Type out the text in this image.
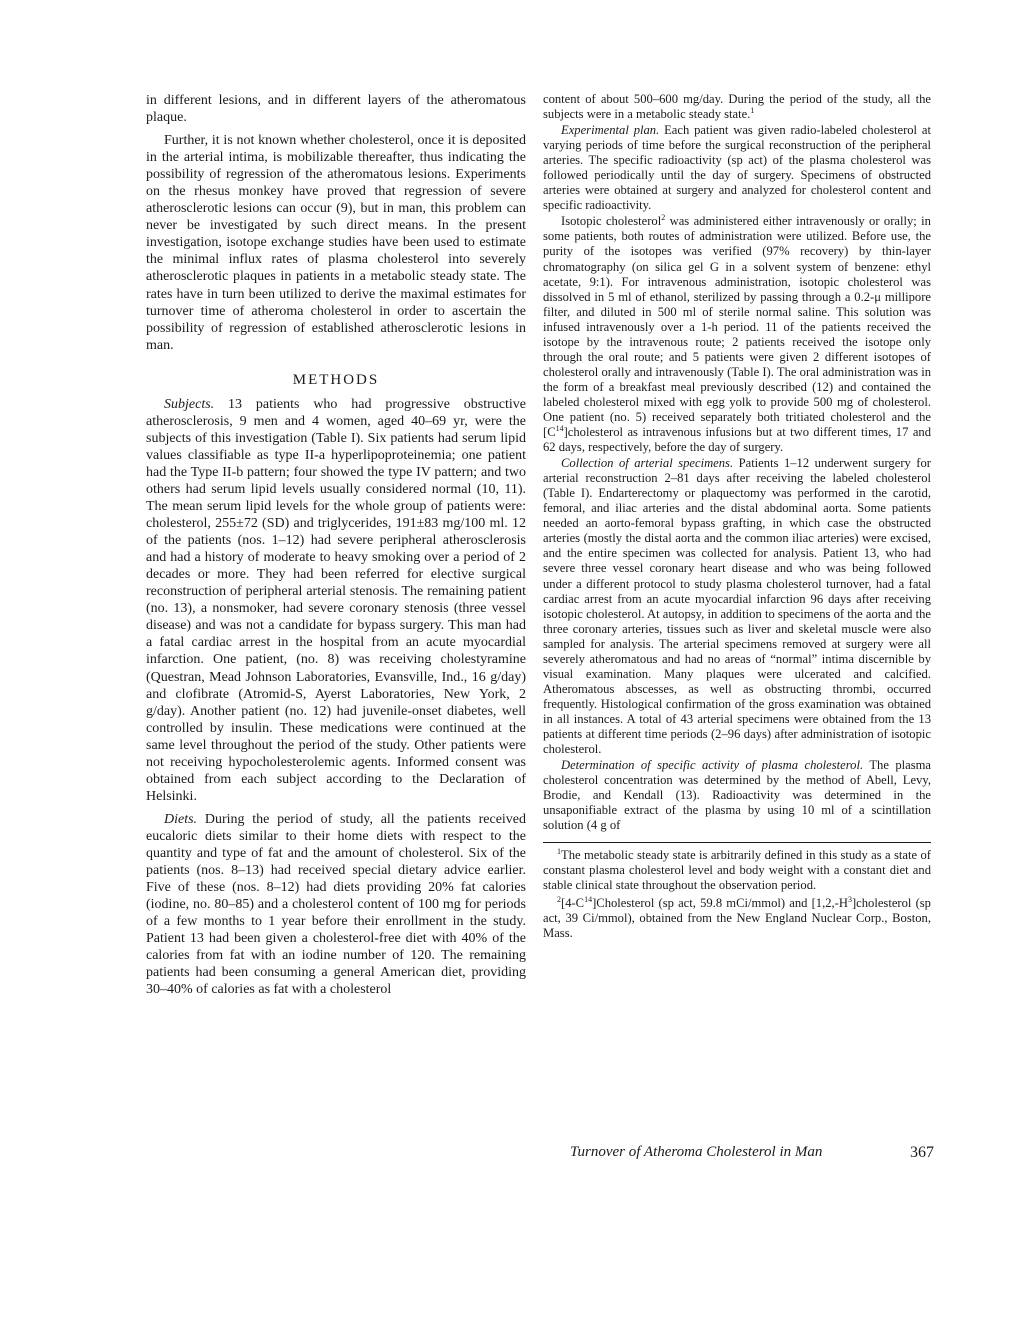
in different lesions, and in different layers of the atheromatous plaque.

Further, it is not known whether cholesterol, once it is deposited in the arterial intima, is mobilizable thereafter, thus indicating the possibility of regression of the atheromatous lesions. Experiments on the rhesus monkey have proved that regression of severe atherosclerotic lesions can occur (9), but in man, this problem can never be investigated by such direct means. In the present investigation, isotope exchange studies have been used to estimate the minimal influx rates of plasma cholesterol into severely atherosclerotic plaques in patients in a metabolic steady state. The rates have in turn been utilized to derive the maximal estimates for turnover time of atheroma cholesterol in order to ascertain the possibility of regression of established atherosclerotic lesions in man.

METHODS

Subjects. 13 patients who had progressive obstructive atherosclerosis, 9 men and 4 women, aged 40–69 yr, were the subjects of this investigation (Table I). Six patients had serum lipid values classifiable as type II-a hyperlipoproteinemia; one patient had the Type II-b pattern; four showed the type IV pattern; and two others had serum lipid levels usually considered normal (10, 11). The mean serum lipid levels for the whole group of patients were: cholesterol, 255±72 (SD) and triglycerides, 191±83 mg/100 ml. 12 of the patients (nos. 1–12) had severe peripheral atherosclerosis and had a history of moderate to heavy smoking over a period of 2 decades or more. They had been referred for elective surgical reconstruction of peripheral arterial stenosis. The remaining patient (no. 13), a nonsmoker, had severe coronary stenosis (three vessel disease) and was not a candidate for bypass surgery. This man had a fatal cardiac arrest in the hospital from an acute myocardial infarction. One patient, (no. 8) was receiving cholestyramine (Questran, Mead Johnson Laboratories, Evansville, Ind., 16 g/day) and clofibrate (Atromid-S, Ayerst Laboratories, New York, 2 g/day). Another patient (no. 12) had juvenile-onset diabetes, well controlled by insulin. These medications were continued at the same level throughout the period of the study. Other patients were not receiving hypocholesterolemic agents. Informed consent was obtained from each subject according to the Declaration of Helsinki.

Diets. During the period of study, all the patients received eucaloric diets similar to their home diets with respect to the quantity and type of fat and the amount of cholesterol. Six of the patients (nos. 8–13) had received special dietary advice earlier. Five of these (nos. 8–12) had diets providing 20% fat calories (iodine, no. 80–85) and a cholesterol content of 100 mg for periods of a few months to 1 year before their enrollment in the study. Patient 13 had been given a cholesterol-free diet with 40% of the calories from fat with an iodine number of 120. The remaining patients had been consuming a general American diet, providing 30–40% of calories as fat with a cholesterol

content of about 500–600 mg/day. During the period of the study, all the subjects were in a metabolic steady state.$^1$

Experimental plan. Each patient was given radio-labeled cholesterol at varying periods of time before the surgical reconstruction of the peripheral arteries. The specific radioactivity (sp act) of the plasma cholesterol was followed periodically until the day of surgery. Specimens of obstructed arteries were obtained at surgery and analyzed for cholesterol content and specific radioactivity.

Isotopic cholesterol$^2$ was administered either intravenously or orally; in some patients, both routes of administration were utilized. Before use, the purity of the isotopes was verified (97% recovery) by thin-layer chromatography (on silica gel G in a solvent system of benzene: ethyl acetate, 9:1). For intravenous administration, isotopic cholesterol was dissolved in 5 ml of ethanol, sterilized by passing through a 0.2-μ millipore filter, and diluted in 500 ml of sterile normal saline. This solution was infused intravenously over a 1-h period. 11 of the patients received the isotope by the intravenous route; 2 patients received the isotope only through the oral route; and 5 patients were given 2 different isotopes of cholesterol orally and intravenously (Table I). The oral administration was in the form of a breakfast meal previously described (12) and contained the labeled cholesterol mixed with egg yolk to provide 500 mg of cholesterol. One patient (no. 5) received separately both tritiated cholesterol and the $[C^{14}]cholesterol$ as intravenous infusions but at two different times, 17 and 62 days, respectively, before the day of surgery.

Collection of arterial specimens. Patients 1–12 underwent surgery for arterial reconstruction 2–81 days after receiving the labeled cholesterol (Table I). Endarterectomy or plaquectomy was performed in the carotid, femoral, and iliac arteries and the distal abdominal aorta. Some patients needed an aorto-femoral bypass grafting, in which case the obstructed arteries (mostly the distal aorta and the common iliac arteries) were excised, and the entire specimen was collected for analysis. Patient 13, who had severe three vessel coronary heart disease and who was being followed under a different protocol to study plasma cholesterol turnover, had a fatal cardiac arrest from an acute myocardial infarction 96 days after receiving isotopic cholesterol. At autopsy, in addition to specimens of the aorta and the three coronary arteries, tissues such as liver and skeletal muscle were also sampled for analysis. The arterial specimens removed at surgery were all severely atheromatous and had no areas of “normal” intima discernible by visual examination. Many plaques were ulcerated and calcified. Atheromatous abscesses, as well as obstructing thrombi, occurred frequently. Histological confirmation of the gross examination was obtained in all instances. A total of 43 arterial specimens were obtained from the 13 patients at different time periods (2–96 days) after administration of isotopic cholesterol.

Determination of specific activity of plasma cholesterol. The plasma cholesterol concentration was determined by the method of Abell, Levy, Brodie, and Kendall (13). Radioactivity was determined in the unsaponifiable extract of the plasma by using 10 ml of a scintillation solution (4 g of

$^1$The metabolic steady state is arbitrarily defined in this study as a state of constant plasma cholesterol level and body weight with a constant diet and stable clinical state throughout the observation period.

$^2[4-C^{14}]Cholesterol$ (sp act, 59.8 mCi/mmol) and $[1,2,-H^3]cholesterol$ (sp act, 39 Ci/mmol), obtained from the New England Nuclear Corp., Boston, Mass.

Turnover of Atheroma Cholesterol in Man	367
